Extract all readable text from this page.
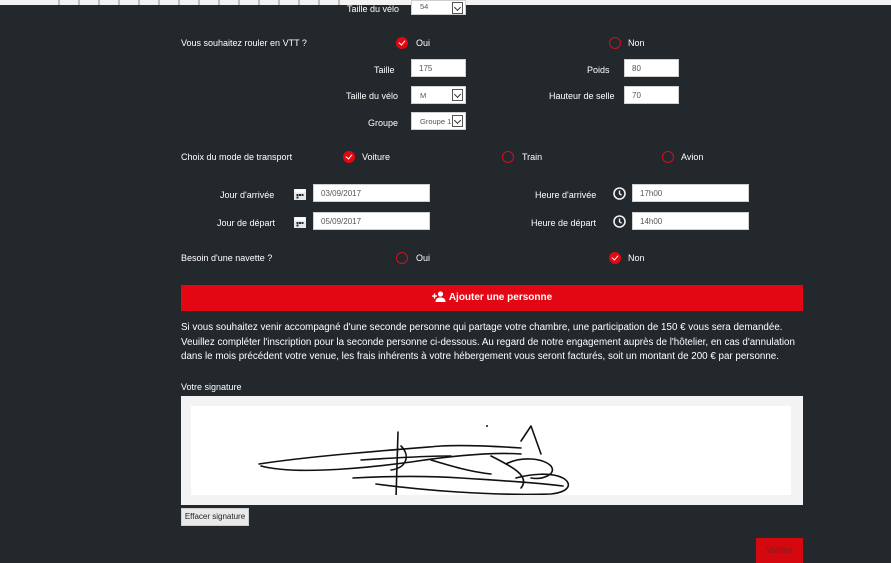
Taille du vélo	54
Vous souhaitez rouler en VTT ?	Oui	Non
Taille	175	Poids	80
Taille du vélo	M	Hauteur de selle	70
Groupe	Groupe 1
Choix du mode de transport	Voiture	Train	Avion
Jour d'arrivée	03/09/2017	Heure d'arrivée	17h00
Jour de départ	05/09/2017	Heure de départ	14h00
Besoin d'une navette ?	Oui	Non
Ajouter une personne
Si vous souhaitez venir accompagné d'une seconde personne qui partage votre chambre, une participation de 150 € vous sera demandée. Veuillez compléter l'inscription pour la seconde personne ci-dessous. Au regard de notre engagement auprès de l'hôtelier, en cas d'annulation dans le mois précédent votre venue, les frais inhérents à votre hébergement vous seront facturés, soit un montant de 200 € par personne.
Votre signature
Effacer signature
Valider
